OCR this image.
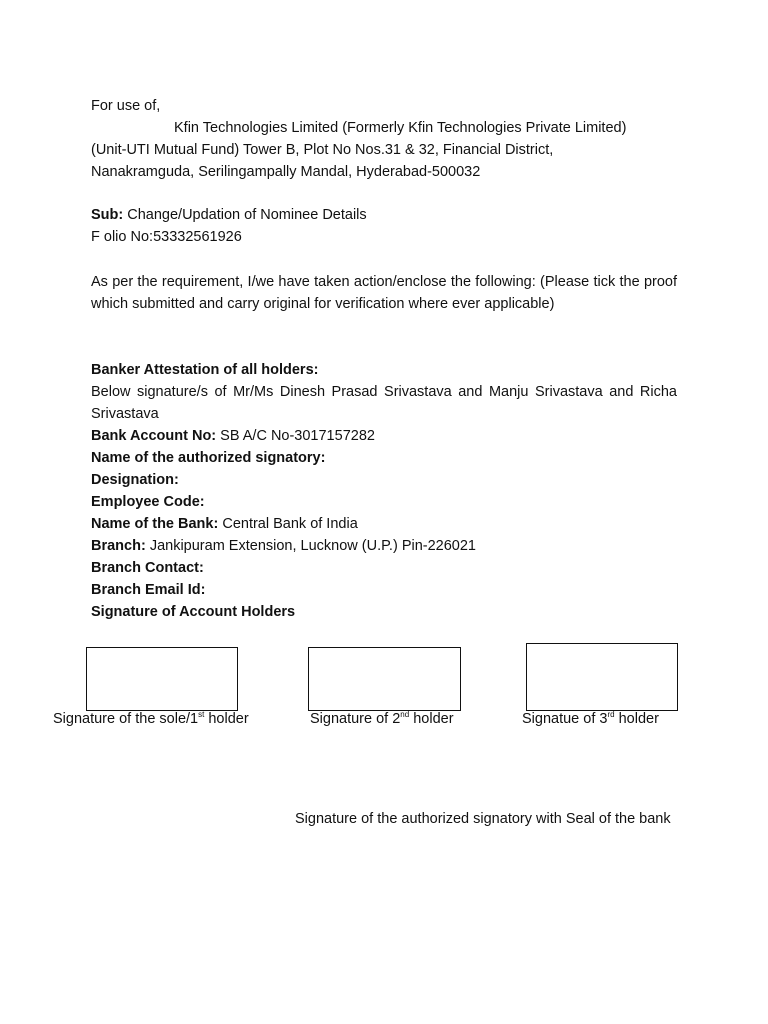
For use of,
Kfin Technologies Limited (Formerly Kfin Technologies Private Limited)
(Unit-UTI Mutual Fund) Tower B, Plot No Nos.31 & 32, Financial District,
Nanakramguda, Serilingampally Mandal, Hyderabad-500032
Sub: Change/Updation of Nominee Details
F olio No:53332561926
As per the requirement, I/we have taken action/enclose the following: (Please tick the proof which submitted and carry original for verification where ever applicable)
Banker Attestation of all holders:
Below signature/s of Mr/Ms Dinesh Prasad Srivastava and Manju Srivastava and Richa Srivastava
Bank Account No: SB A/C No-3017157282
Name of the authorized signatory:
Designation:
Employee Code:
Name of the Bank: Central Bank of India
Branch: Jankipuram Extension, Lucknow (U.P.) Pin-226021
Branch Contact:
Branch Email Id:
Signature of Account Holders
Signature of the sole/1st holder	Signature of 2nd holder	Signatue of 3rd holder
Signature of the authorized signatory with Seal of the bank
